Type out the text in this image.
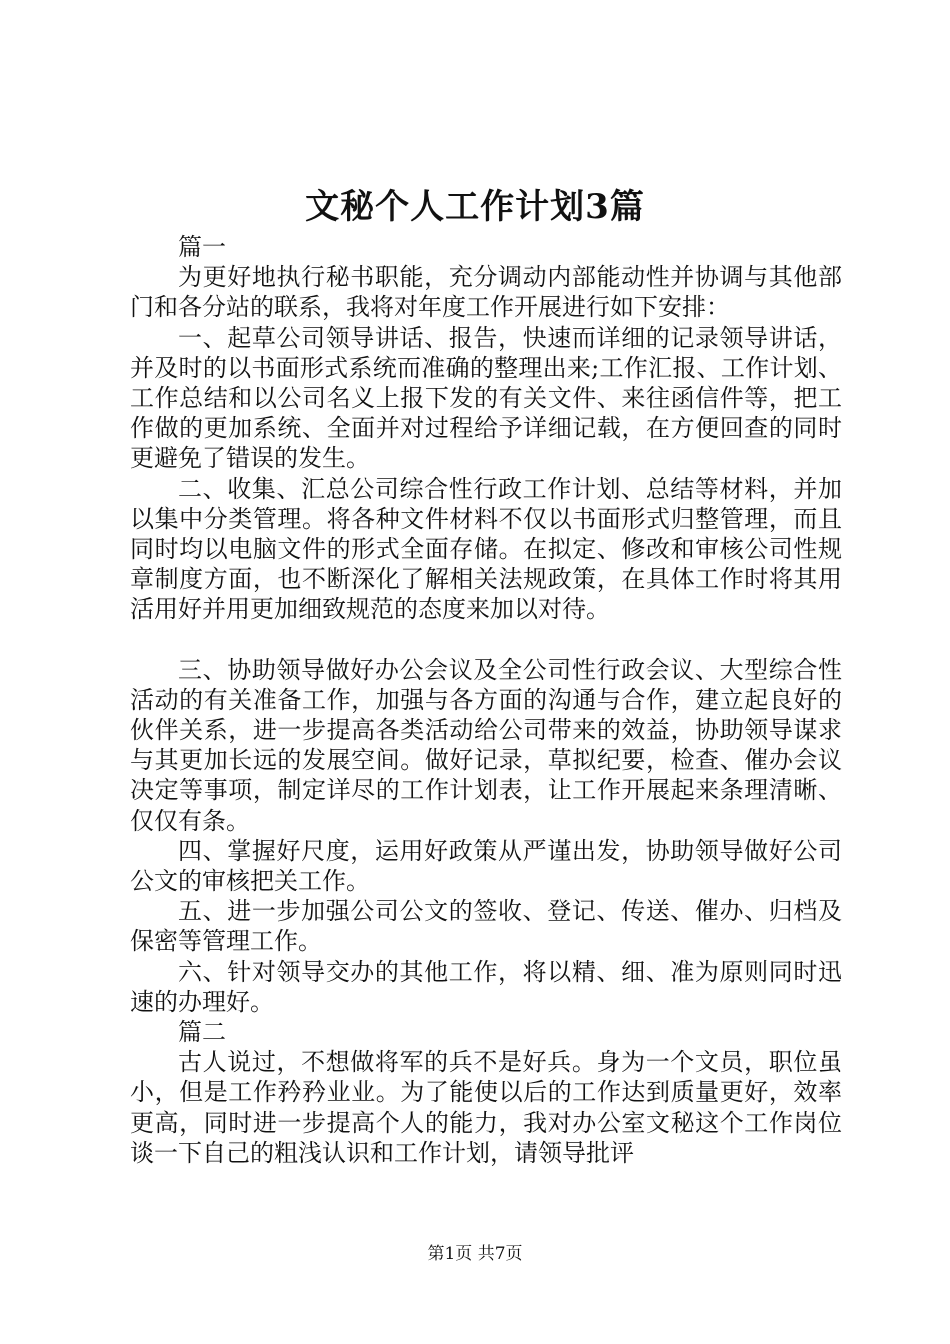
文秘个人工作计划3篇

篇一

为更好地执行秘书职能，充分调动内部能动性并协调与其他部门和各分站的联系，我将对年度工作开展进行如下安排：

一、起草公司领导讲话、报告，快速而详细的记录领导讲话，并及时的以书面形式系统而准确的整理出来;工作汇报、工作计划、工作总结和以公司名义上报下发的有关文件、来往函信件等，把工作做的更加系统、全面并对过程给予详细记载，在方便回查的同时更避免了错误的发生。

二、收集、汇总公司综合性行政工作计划、总结等材料，并加以集中分类管理。将各种文件材料不仅以书面形式归整管理，而且同时均以电脑文件的形式全面存储。在拟定、修改和审核公司性规章制度方面，也不断深化了解相关法规政策，在具体工作时将其用活用好并用更加细致规范的态度来加以对待。

三、协助领导做好办公会议及全公司性行政会议、大型综合性活动的有关准备工作，加强与各方面的沟通与合作，建立起良好的伙伴关系，进一步提高各类活动给公司带来的效益，协助领导谋求与其更加长远的发展空间。做好记录，草拟纪要，检查、催办会议决定等事项，制定详尽的工作计划表，让工作开展起来条理清晰、仅仅有条。

四、掌握好尺度，运用好政策从严谨出发，协助领导做好公司公文的审核把关工作。

五、进一步加强公司公文的签收、登记、传送、催办、归档及保密等管理工作。

六、针对领导交办的其他工作，将以精、细、准为原则同时迅速的办理好。

篇二

古人说过，不想做将军的兵不是好兵。身为一个文员，职位虽小，但是工作矜矜业业。为了能使以后的工作达到质量更好，效率更高，同时进一步提高个人的能力，我对办公室文秘这个工作岗位谈一下自己的粗浅认识和工作计划，请领导批评

第1页 共7页
